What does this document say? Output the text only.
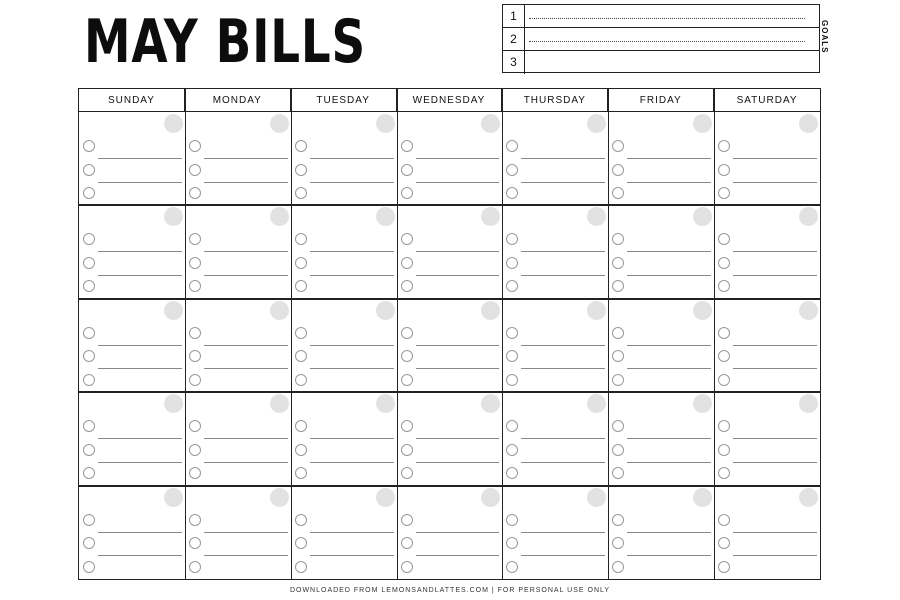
MAY BILLS	1
2
3
GOALS
SUNDAY	MONDAY	TUESDAY	WEDNESDAY	THURSDAY	FRIDAY	SATURDAY
DOWNLOADED FROM LEMONSANDLATTES.COM | FOR PERSONAL USE ONLY
